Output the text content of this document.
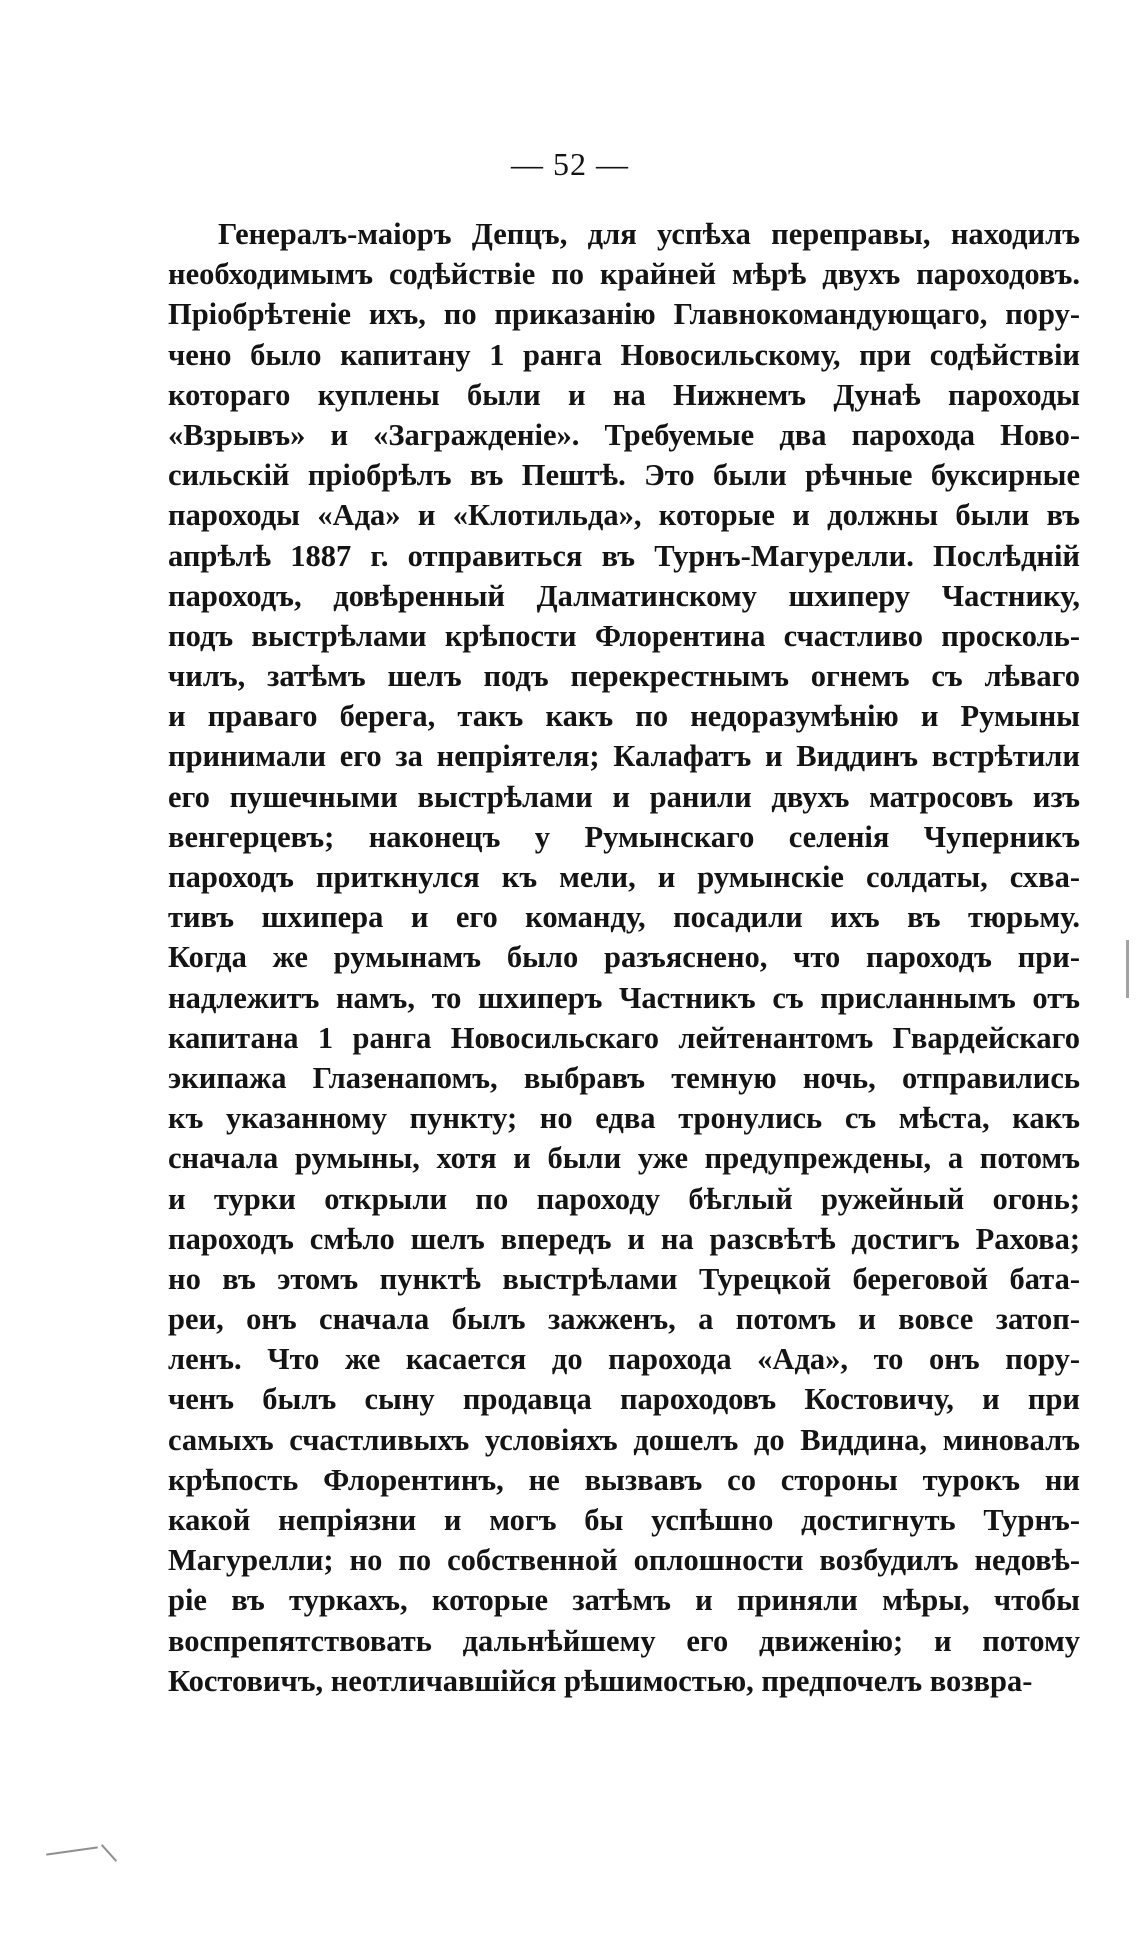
— 52 —
Генералъ-маіоръ Депцъ, для успѣха переправы, находилъ
необходимымъ содѣйствіе по крайней мѣрѣ двухъ пароходовъ.
Пріобрѣтеніе ихъ, по приказанію Главнокомандующаго, пору-
чено было капитану 1 ранга Новосильскому, при содѣйствіи
котораго куплены были и на Нижнемъ Дунаѣ пароходы
«Взрывъ» и «Загражденіе». Требуемые два парохода Ново-
сильскій пріобрѣлъ въ Пештѣ. Это были рѣчные буксирные
пароходы «Ада» и «Клотильда», которые и должны были въ
апрѣлѣ 1887 г. отправиться въ Турнъ-Магурелли. Послѣдній
пароходъ, довѣренный Далматинскому шхиперу Частнику,
подъ выстрѣлами крѣпости Флорентина счастливо просколь-
чилъ, затѣмъ шелъ подъ перекрестнымъ огнемъ съ лѣваго
и праваго берега, такъ какъ по недоразумѣнію и Румыны
принимали его за непріятеля; Калафатъ и Виддинъ встрѣтили
его пушечными выстрѣлами и ранили двухъ матросовъ изъ
венгерцевъ; наконецъ у Румынскаго селенія Чуперникъ
пароходъ приткнулся къ мели, и румынскіе солдаты, схва-
тивъ шхипера и его команду, посадили ихъ въ тюрьму.
Когда же румынамъ было разъяснено, что пароходъ при-
надлежитъ намъ, то шхиперъ Частникъ съ присланнымъ отъ
капитана 1 ранга Новосильскаго лейтенантомъ Гвардейскаго
экипажа Глазенапомъ, выбравъ темную ночь, отправились
къ указанному пункту; но едва тронулись съ мѣста, какъ
сначала румыны, хотя и были уже предупреждены, а потомъ
и турки открыли по пароходу бѣглый ружейный огонь;
пароходъ смѣло шелъ впередъ и на разсвѣтѣ достигъ Рахова;
но въ этомъ пунктѣ выстрѣлами Турецкой береговой бата-
реи, онъ сначала былъ зажженъ, а потомъ и вовсе затоп-
ленъ. Что же касается до парохода «Ада», то онъ пору-
ченъ былъ сыну продавца пароходовъ Костовичу, и при
самыхъ счастливыхъ условіяхъ дошелъ до Виддина, миновалъ
крѣпость Флорентинъ, не вызвавъ со стороны турокъ ни
какой непріязни и могъ бы успѣшно достигнуть Турнъ-
Магурелли; но по собственной оплошности возбудилъ недовѣ-
ріе въ туркахъ, которые затѣмъ и приняли мѣры, чтобы
воспрепятствовать дальнѣйшему его движенію; и потому
Костовичъ, неотличавшійся рѣшимостью, предпочелъ возвра-
